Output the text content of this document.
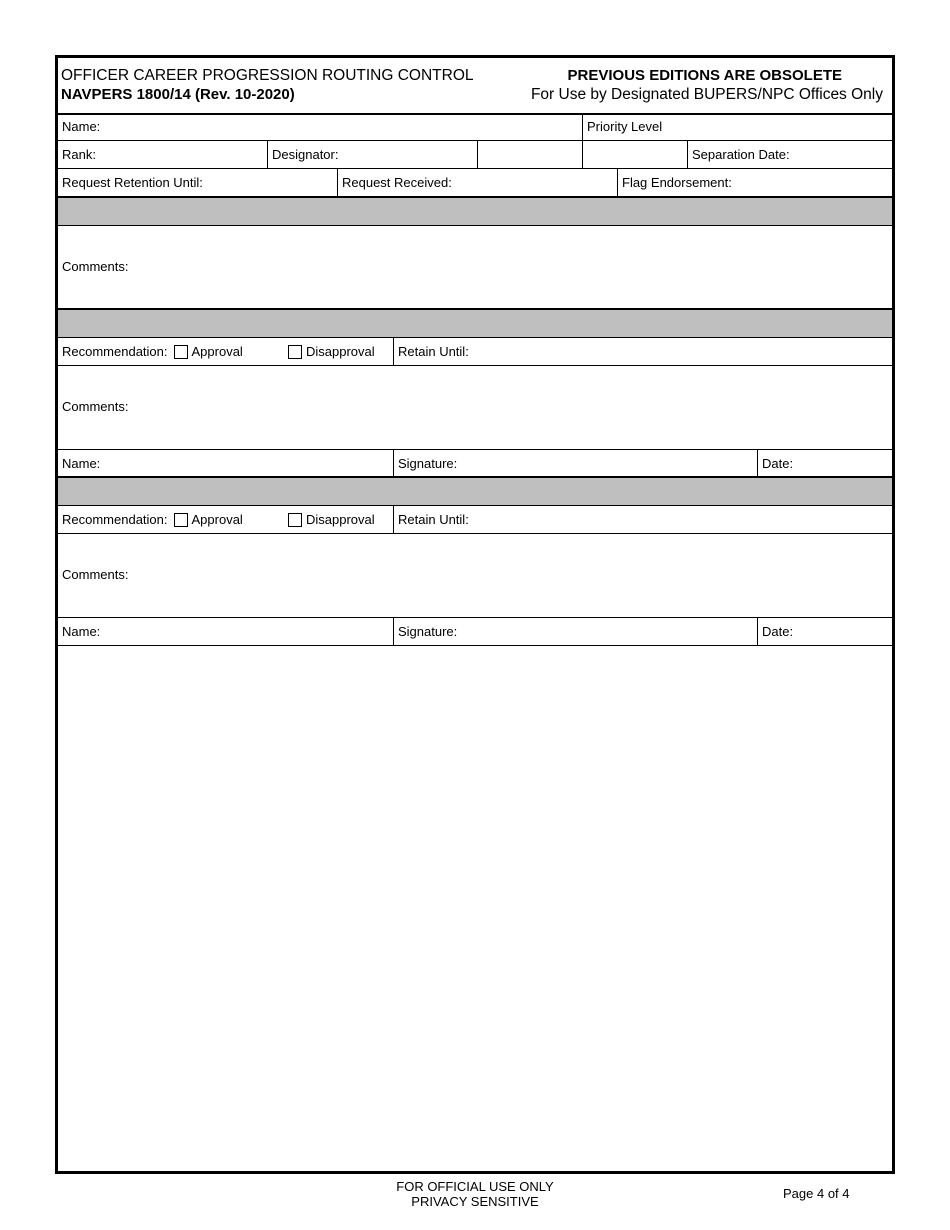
OFFICER CAREER PROGRESSION ROUTING CONTROL
NAVPERS 1800/14 (Rev. 10-2020)
PREVIOUS EDITIONS ARE OBSOLETE
For Use by Designated BUPERS/NPC Offices Only
Name:	Priority Level
Rank:	Designator:	Separation Date:
Request Retention Until:	Request Received:	Flag Endorsement:
Comments:
Recommendation: Approval	Disapproval	Retain Until:
Comments:
Name:	Signature:	Date:
Recommendation: Approval	Disapproval	Retain Until:
Comments:
Name:	Signature:	Date:
FOR OFFICIAL USE ONLY
PRIVACY SENSITIVE
Page 4 of 4
